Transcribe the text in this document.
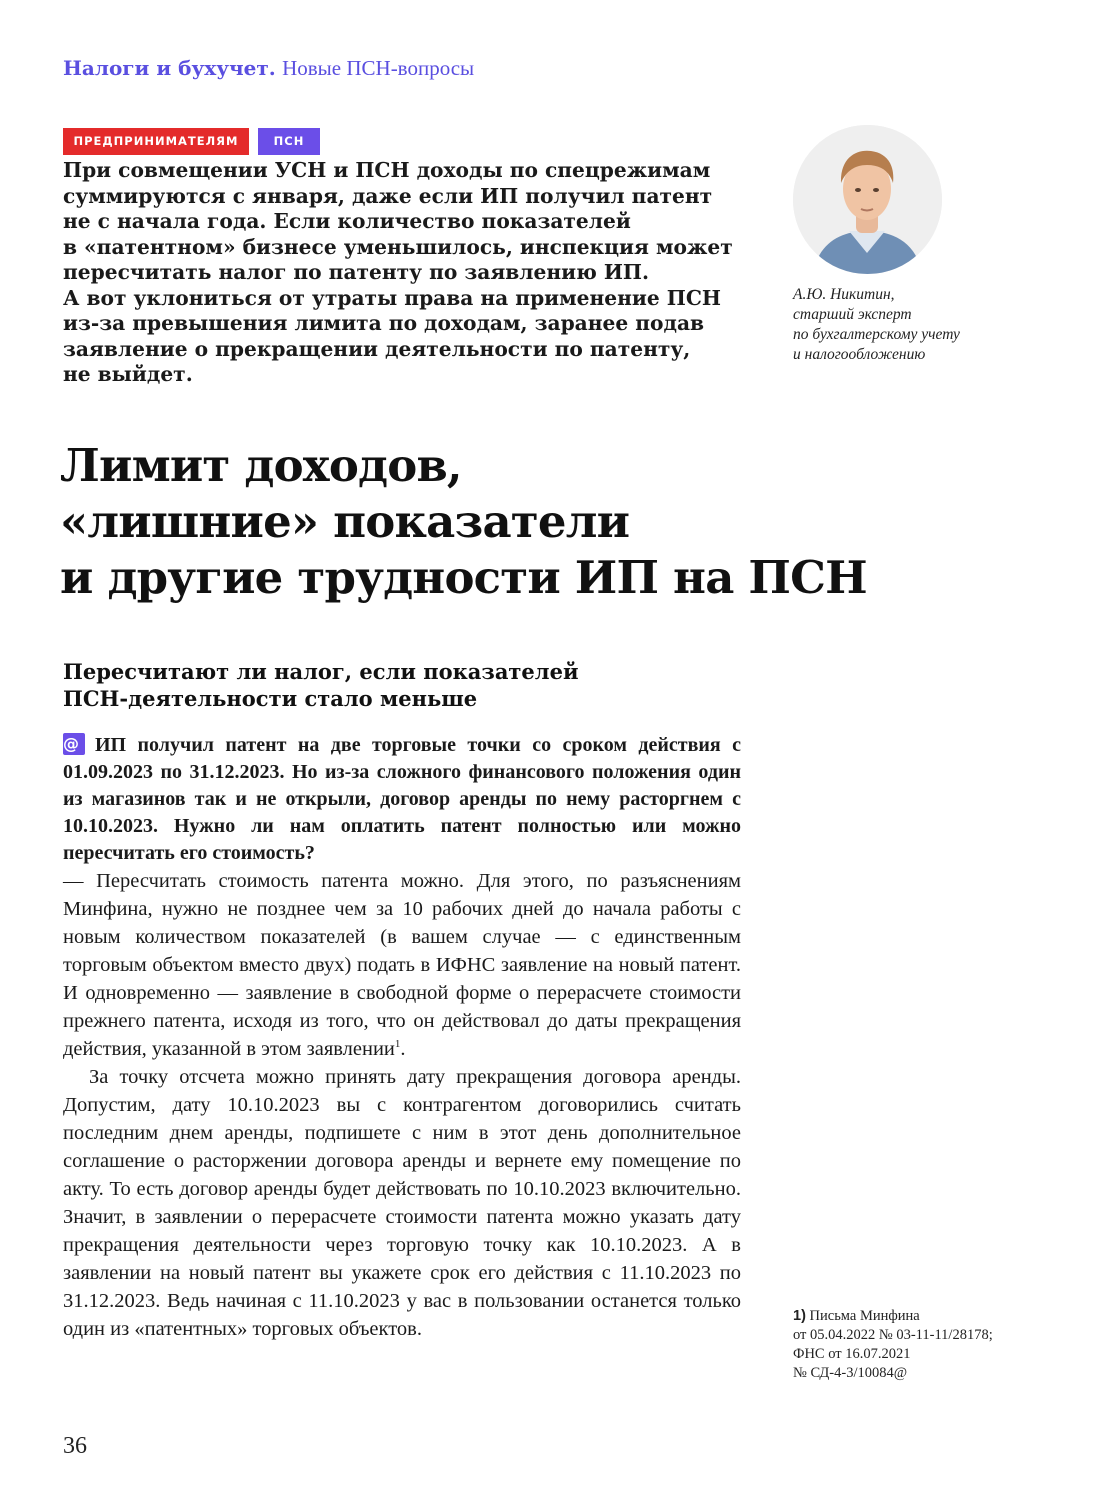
Налоги и бухучет. Новые ПСН-вопросы
ПРЕДПРИНИМАТЕЛЯМ	ПСН
При совмещении УСН и ПСН доходы по спецрежимам
суммируются с января, даже если ИП получил патент
не с начала года. Если количество показателей
в «патентном» бизнесе уменьшилось, инспекция может
пересчитать налог по патенту по заявлению ИП.
А вот уклониться от утраты права на применение ПСН
из-за превышения лимита по доходам, заранее подав
заявление о прекращении деятельности по патенту,
не выйдет.
А.Ю. Никитин,
старший эксперт
по бухгалтерскому учету
и налогообложению
Лимит доходов,
«лишние» показатели
и другие трудности ИП на ПСН
Пересчитают ли налог, если показателей
ПСН-деятельности стало меньше
@ ИП получил патент на две торговые точки со сроком действия с 01.09.2023 по 31.12.2023. Но из-за сложного финансового положения один из магазинов так и не открыли, договор аренды по нему расторгнем с 10.10.2023. Нужно ли нам оплатить патент полностью или можно пересчитать его стоимость?

— Пересчитать стоимость патента можно. Для этого, по разъяснениям Минфина, нужно не позднее чем за 10 рабочих дней до начала работы с новым количеством показателей (в вашем случае — с единственным торговым объектом вместо двух) подать в ИФНС заявление на новый патент. И одновременно — заявление в свободной форме о перерасчете стоимости прежнего патента, исходя из того, что он действовал до даты прекращения действия, указанной в этом заявлении$^1$.

За точку отсчета можно принять дату прекращения договора аренды. Допустим, дату 10.10.2023 вы с контрагентом договорились считать последним днем аренды, подпишете с ним в этот день дополнительное соглашение о расторжении договора аренды и вернете ему помещение по акту. То есть договор аренды будет действовать по 10.10.2023 включительно. Значит, в заявлении о перерасчете стоимости патента можно указать дату прекращения деятельности через торговую точку как 10.10.2023. А в заявлении на новый патент вы укажете срок его действия с 11.10.2023 по 31.12.2023. Ведь начиная с 11.10.2023 у вас в пользовании останется только один из «патентных» торговых объектов.

1) Письма Минфина
от 05.04.2022 № 03-11-11/28178;
ФНС от 16.07.2021
№ СД-4-3/10084@
36
